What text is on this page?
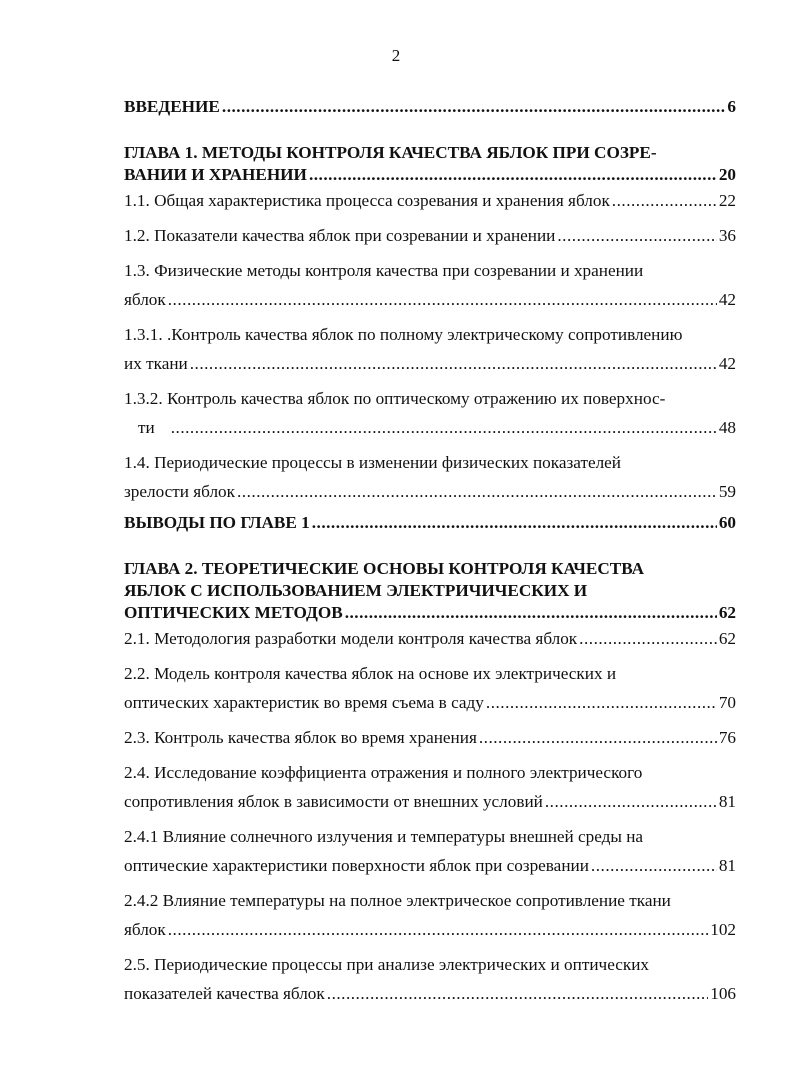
2
ВВЕДЕНИЕ .....	6
ГЛАВА 1. МЕТОДЫ КОНТРОЛЯ КАЧЕСТВА ЯБЛОК ПРИ СОЗРЕ-
ВАНИИ И ХРАНЕНИИ .....	20
1.1. Общая характеристика процесса созревания и хранения яблок .....	22
1.2. Показатели качества яблок при созревании и хранении .....	36
1.3. Физические методы контроля качества при созревании и хранении
яблок .....	42
1.3.1. .Контроль качества яблок по полному электрическому сопротивлению
их ткани .....	42
1.3.2. Контроль качества яблок по оптическому отражению их поверхнос-
ти .....	48
1.4. Периодические процессы в изменении физических показателей
зрелости яблок .....	59
ВЫВОДЫ ПО ГЛАВЕ 1 .....	60
ГЛАВА 2. ТЕОРЕТИЧЕСКИЕ ОСНОВЫ КОНТРОЛЯ КАЧЕСТВА
ЯБЛОК С ИСПОЛЬЗОВАНИЕМ ЭЛЕКТРИЧИЧЕСКИХ И
ОПТИЧЕСКИХ МЕТОДОВ .....	62
2.1. Методология разработки модели контроля качества яблок .....	62
2.2. Модель контроля качества яблок на основе их электрических и
оптических характеристик во время съема в саду .....	70
2.3. Контроль качества яблок во время хранения .....	76
2.4. Исследование коэффициента отражения и полного электрического
сопротивления яблок в зависимости от внешних условий .....	81
2.4.1 Влияние солнечного излучения и температуры внешней среды на
оптические характеристики поверхности яблок при созревании .....	81
2.4.2 Влияние температуры на полное электрическое сопротивление ткани
яблок .....	102
2.5. Периодические процессы при анализе электрических и оптических
показателей качества яблок .....	106
